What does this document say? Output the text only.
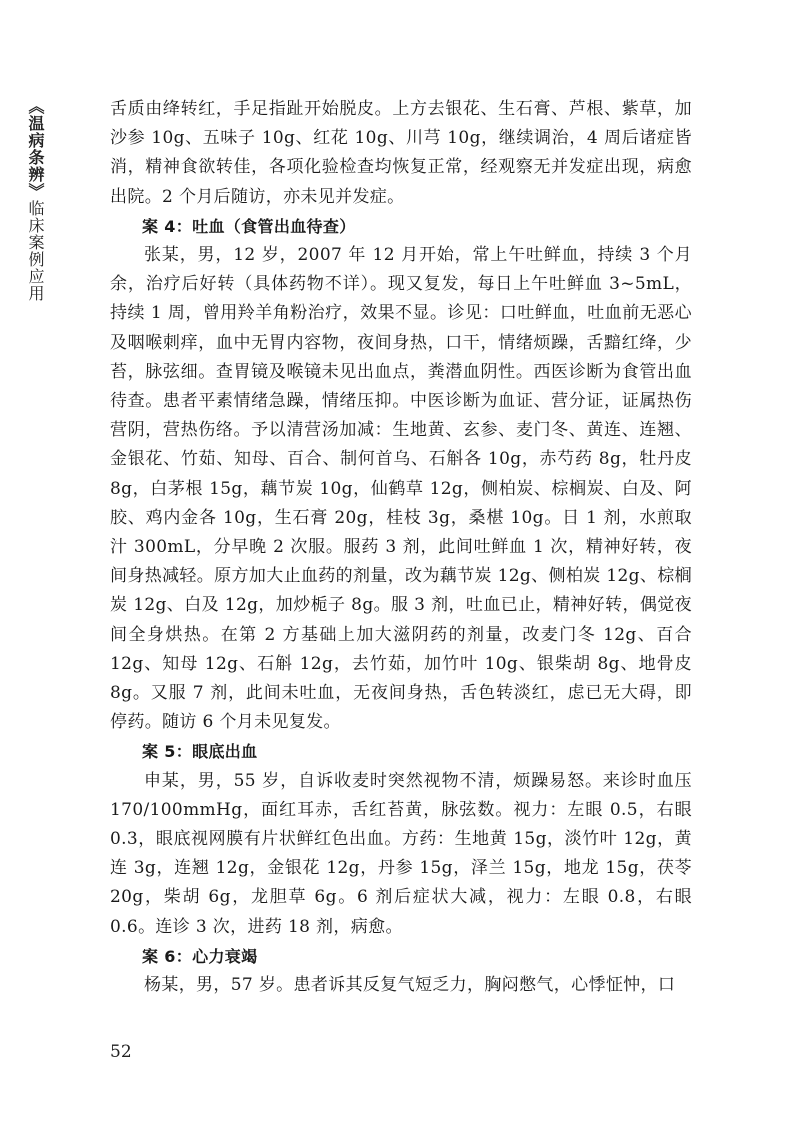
《温病条辨》临床案例应用

舌质由绛转红，手足指趾开始脱皮。上方去银花、生石膏、芦根、紫草，加沙参 10g、五味子 10g、红花 10g、川芎 10g，继续调治，4 周后诸症皆消，精神食欲转佳，各项化验检查均恢复正常，经观察无并发症出现，病愈出院。2 个月后随访，亦未见并发症。

案 4：吐血（食管出血待查）

张某，男，12 岁，2007 年 12 月开始，常上午吐鲜血，持续 3 个月余，治疗后好转（具体药物不详）。现又复发，每日上午吐鲜血 3~5mL，持续 1 周，曾用羚羊角粉治疗，效果不显。诊见：口吐鲜血，吐血前无恶心及咽喉刺痒，血中无胃内容物，夜间身热，口干，情绪烦躁，舌黯红绛，少苔，脉弦细。查胃镜及喉镜未见出血点，粪潜血阴性。西医诊断为食管出血待查。患者平素情绪急躁，情绪压抑。中医诊断为血证、营分证，证属热伤营阴，营热伤络。予以清营汤加减：生地黄、玄参、麦门冬、黄连、连翘、金银花、竹茹、知母、百合、制何首乌、石斛各 10g，赤芍药 8g，牡丹皮 8g，白茅根 15g，藕节炭 10g，仙鹤草 12g，侧柏炭、棕榈炭、白及、阿胶、鸡内金各 10g，生石膏 20g，桂枝 3g，桑椹 10g。日 1 剂，水煎取汁 300mL，分早晚 2 次服。服药 3 剂，此间吐鲜血 1 次，精神好转，夜间身热减轻。原方加大止血药的剂量，改为藕节炭 12g、侧柏炭 12g、棕榈炭 12g、白及 12g，加炒栀子 8g。服 3 剂，吐血已止，精神好转，偶觉夜间全身烘热。在第 2 方基础上加大滋阴药的剂量，改麦门冬 12g、百合 12g、知母 12g、石斛 12g，去竹茹，加竹叶 10g、银柴胡 8g、地骨皮 8g。又服 7 剂，此间未吐血，无夜间身热，舌色转淡红，虑已无大碍，即停药。随访 6 个月未见复发。

案 5：眼底出血

申某，男，55 岁，自诉收麦时突然视物不清，烦躁易怒。来诊时血压 170/100mmHg，面红耳赤，舌红苔黄，脉弦数。视力：左眼 0.5，右眼 0.3，眼底视网膜有片状鲜红色出血。方药：生地黄 15g，淡竹叶 12g，黄连 3g，连翘 12g，金银花 12g，丹参 15g，泽兰 15g，地龙 15g，茯苓 20g，柴胡 6g，龙胆草 6g。6 剂后症状大减，视力：左眼 0.8，右眼 0.6。连诊 3 次，进药 18 剂，病愈。

案 6：心力衰竭

杨某，男，57 岁。患者诉其反复气短乏力，胸闷憋气，心悸怔忡，口

52
